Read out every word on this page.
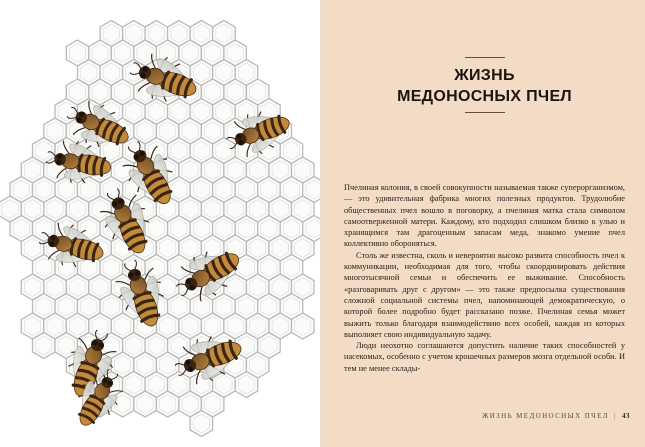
ЖИЗНЬ
МЕДОНОСНЫХ ПЧЕЛ

Пчелиная колония, в своей совокупности называемая также суперорганизмом, — это удивительная фабрика многих полезных продуктов. Трудолюбие общественных пчел вошло в поговорку, а пчелиная матка стала символом самоотверженной матери. Каждому, кто подходил слишком близко к улью и хранящимся там драгоценным запасам меда, знакомо умение пчел коллективно обороняться.

Столь же известна, сколь и невероятно высоко развита способность пчел к коммуникации, необходимая для того, чтобы скоординировать действия многотысячной семьи и обеспечить ее выживание. Способность «разговаривать друг с другом» — это также предпосылка существования сложной социальной системы пчел, напоминающей демократическую, о которой более подробно будет рассказано позже. Пчелиная семья может выжить только благодаря взаимодействию всех особей, каждая из которых выполняет свою индивидуальную задачу.

Люди неохотно соглашаются допустить наличие таких способностей у насекомых, особенно с учетом крошечных размеров мозга отдельной особи. И тем не менее склады-

ЖИЗНЬ МЕДОНОСНЫХ ПЧЕЛ | 43
